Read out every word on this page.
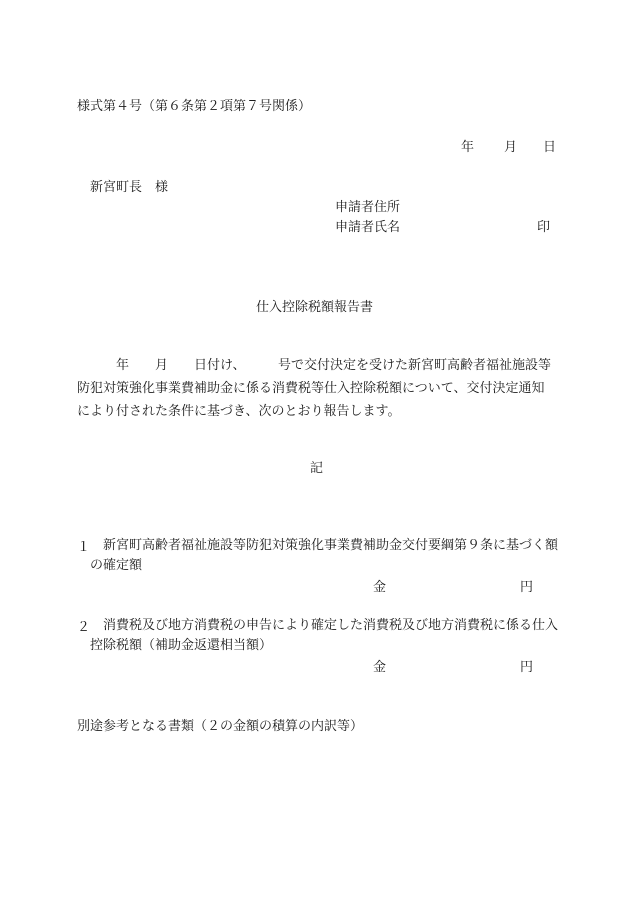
様式第４号（第６条第２項第７号関係）
年 月 日
新宮町長　様
申請者住所
申請者氏名	印
仕入控除税額報告書
年　　月　　日付け、　　　号で交付決定を受けた新宮町高齢者福祉施設等防犯対策強化事業費補助金に係る消費税等仕入控除税額について、交付決定通知により付された条件に基づき、次のとおり報告します。
記
１ 新宮町高齢者福祉施設等防犯対策強化事業費補助金交付要綱第９条に基づく額の確定額
金	円
２ 消費税及び地方消費税の申告により確定した消費税及び地方消費税に係る仕入控除税額（補助金返還相当額）
金	円
別途参考となる書類（２の金額の積算の内訳等）
